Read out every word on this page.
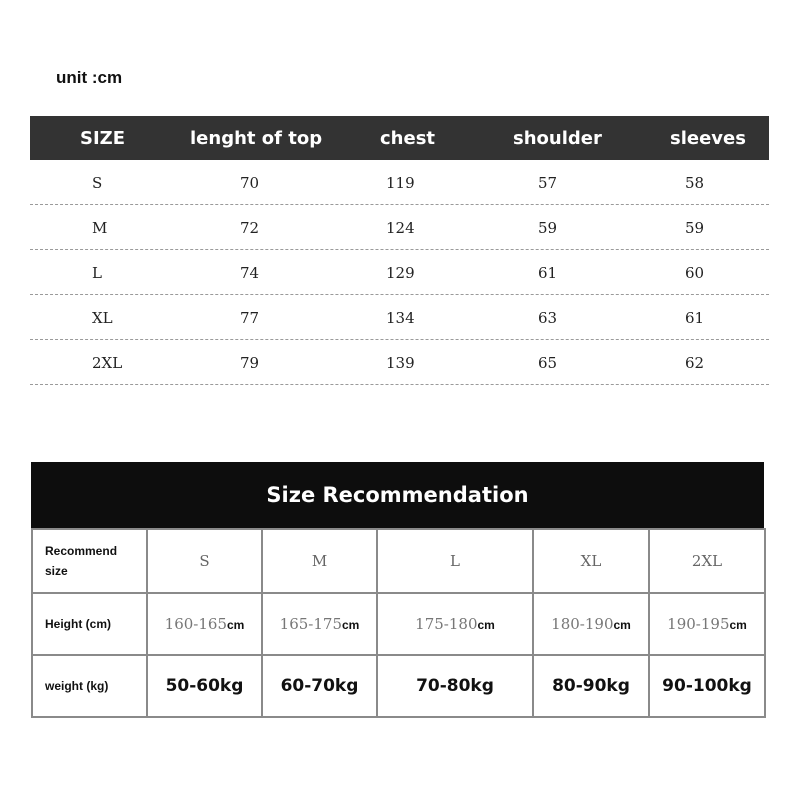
unit :cm
SIZE	lenght of top	chest	shoulder	sleeves
S	70	119	57	58
M	72	124	59	59
L	74	129	61	60
XL	77	134	63	61
2XL	79	139	65	62
Size Recommendation
Recommend
size	S	M	L	XL	2XL
Height (cm)	160-165cm	165-175cm	175-180cm	180-190cm	190-195cm
weight (kg)	50-60kg	60-70kg	70-80kg	80-90kg	90-100kg
